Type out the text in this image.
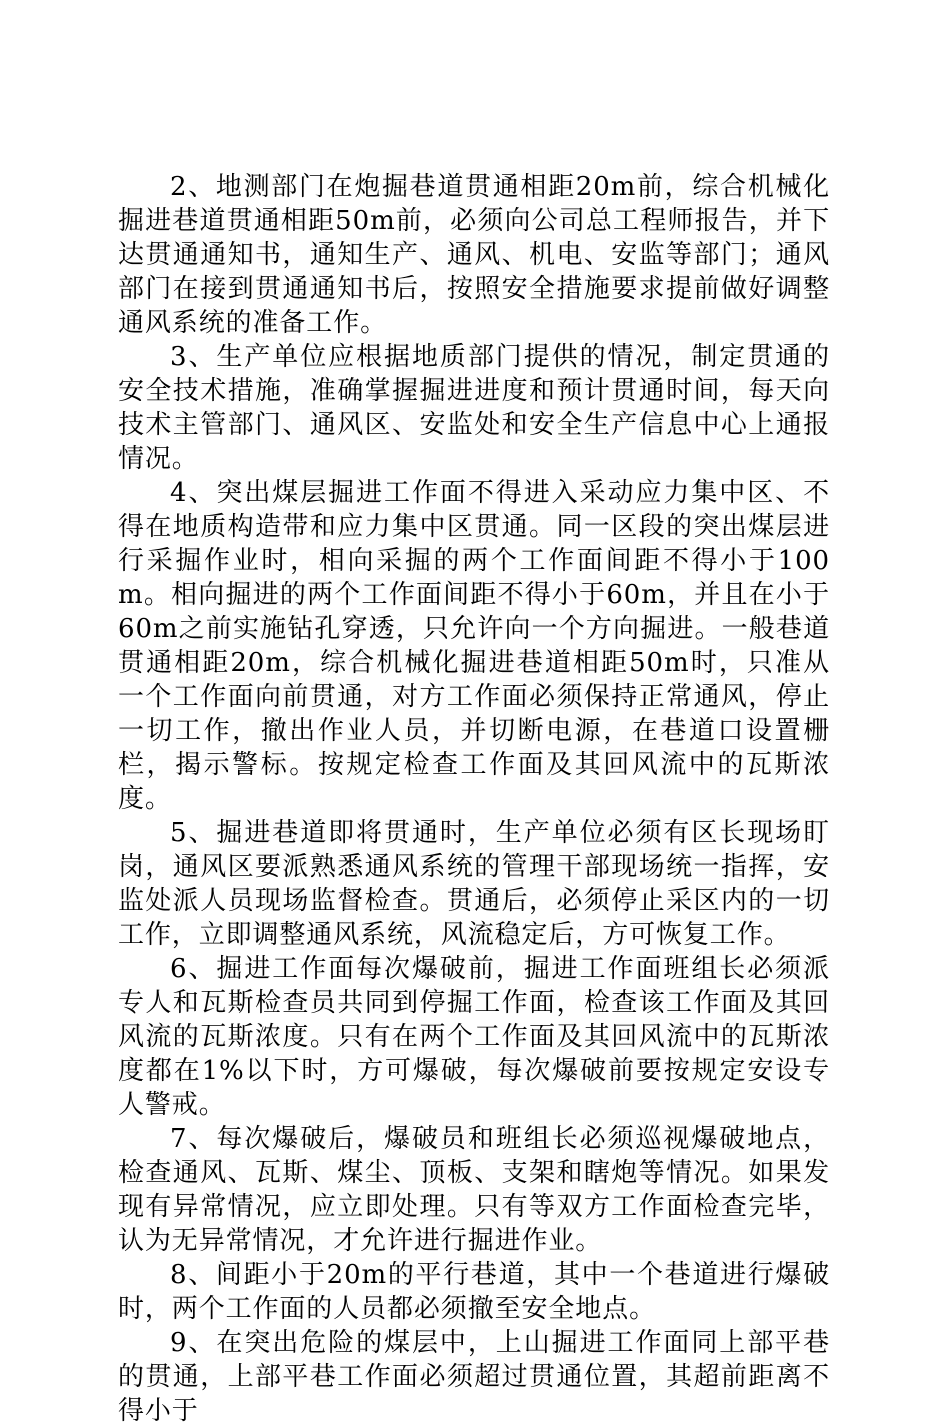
2、地测部门在炮掘巷道贯通相距20m前，综合机械化掘进巷道贯通相距50m前，必须向公司总工程师报告，并下达贯通通知书，通知生产、通风、机电、安监等部门；通风部门在接到贯通通知书后，按照安全措施要求提前做好调整通风系统的准备工作。

3、生产单位应根据地质部门提供的情况，制定贯通的安全技术措施，准确掌握掘进进度和预计贯通时间，每天向技术主管部门、通风区、安监处和安全生产信息中心上通报情况。

4、突出煤层掘进工作面不得进入采动应力集中区、不得在地质构造带和应力集中区贯通。同一区段的突出煤层进行采掘作业时，相向采掘的两个工作面间距不得小于100m。相向掘进的两个工作面间距不得小于60m，并且在小于60m之前实施钻孔穿透，只允许向一个方向掘进。一般巷道贯通相距20m，综合机械化掘进巷道相距50m时，只准从一个工作面向前贯通，对方工作面必须保持正常通风，停止一切工作，撤出作业人员，并切断电源，在巷道口设置栅栏，揭示警标。按规定检查工作面及其回风流中的瓦斯浓度。

5、掘进巷道即将贯通时，生产单位必须有区长现场盯岗，通风区要派熟悉通风系统的管理干部现场统一指挥，安监处派人员现场监督检查。贯通后，必须停止采区内的一切工作，立即调整通风系统，风流稳定后，方可恢复工作。

6、掘进工作面每次爆破前，掘进工作面班组长必须派专人和瓦斯检查员共同到停掘工作面，检查该工作面及其回风流的瓦斯浓度。只有在两个工作面及其回风流中的瓦斯浓度都在1%以下时，方可爆破，每次爆破前要按规定安设专人警戒。

7、每次爆破后，爆破员和班组长必须巡视爆破地点，检查通风、瓦斯、煤尘、顶板、支架和瞎炮等情况。如果发现有异常情况，应立即处理。只有等双方工作面检查完毕，认为无异常情况，才允许进行掘进作业。

8、间距小于20m的平行巷道，其中一个巷道进行爆破时，两个工作面的人员都必须撤至安全地点。

9、在突出危险的煤层中，上山掘进工作面同上部平巷的贯通，上部平巷工作面必须超过贯通位置，其超前距离不得小于
